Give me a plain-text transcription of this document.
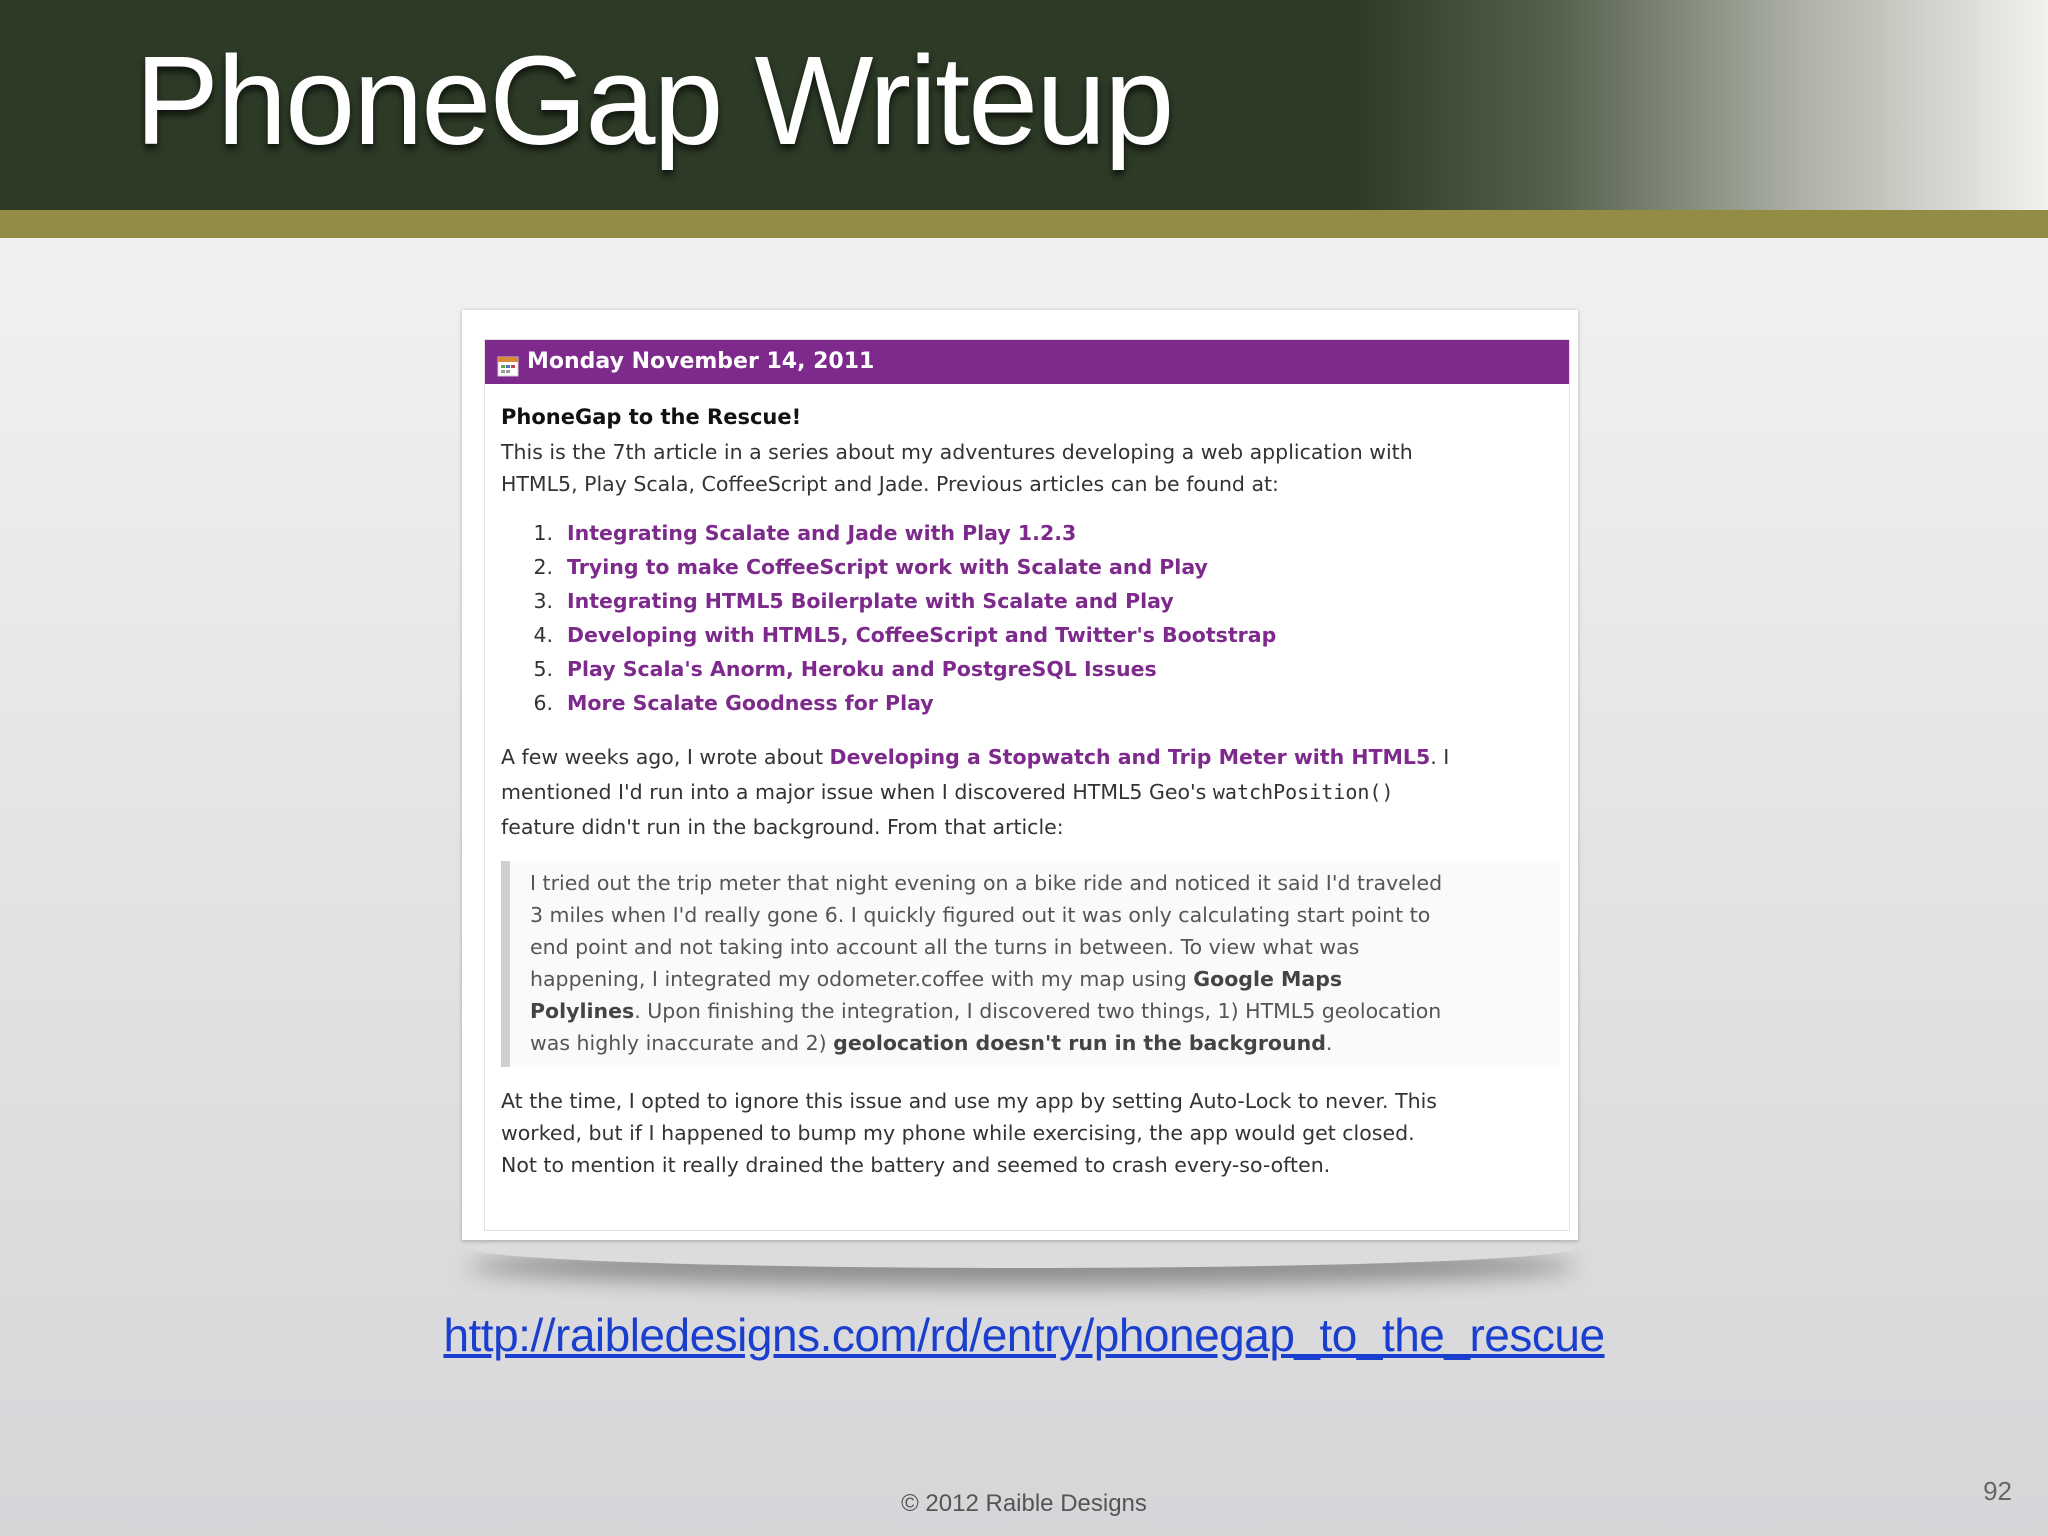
PhoneGap Writeup
Monday November 14, 2011

PhoneGap to the Rescue!

This is the 7th article in a series about my adventures developing a web application with

HTML5, Play Scala, CoffeeScript and Jade. Previous articles can be found at:

1. Integrating Scalate and Jade with Play 1.2.3
2. Trying to make CoffeeScript work with Scalate and Play
3. Integrating HTML5 Boilerplate with Scalate and Play
4. Developing with HTML5, CoffeeScript and Twitter's Bootstrap
5. Play Scala's Anorm, Heroku and PostgreSQL Issues
6. More Scalate Goodness for Play

A few weeks ago, I wrote about Developing a Stopwatch and Trip Meter with HTML5. I

mentioned I'd run into a major issue when I discovered HTML5 Geo's watchPosition()

feature didn't run in the background. From that article:

I tried out the trip meter that night evening on a bike ride and noticed it said I'd traveled

3 miles when I'd really gone 6. I quickly figured out it was only calculating start point to

end point and not taking into account all the turns in between. To view what was

happening, I integrated my odometer.coffee with my map using Google Maps

Polylines. Upon finishing the integration, I discovered two things, 1) HTML5 geolocation

was highly inaccurate and 2) geolocation doesn't run in the background.

At the time, I opted to ignore this issue and use my app by setting Auto-Lock to never. This

worked, but if I happened to bump my phone while exercising, the app would get closed.

Not to mention it really drained the battery and seemed to crash every-so-often.

http://raibledesigns.com/rd/entry/phonegap_to_the_rescue
© 2012 Raible Designs	92
